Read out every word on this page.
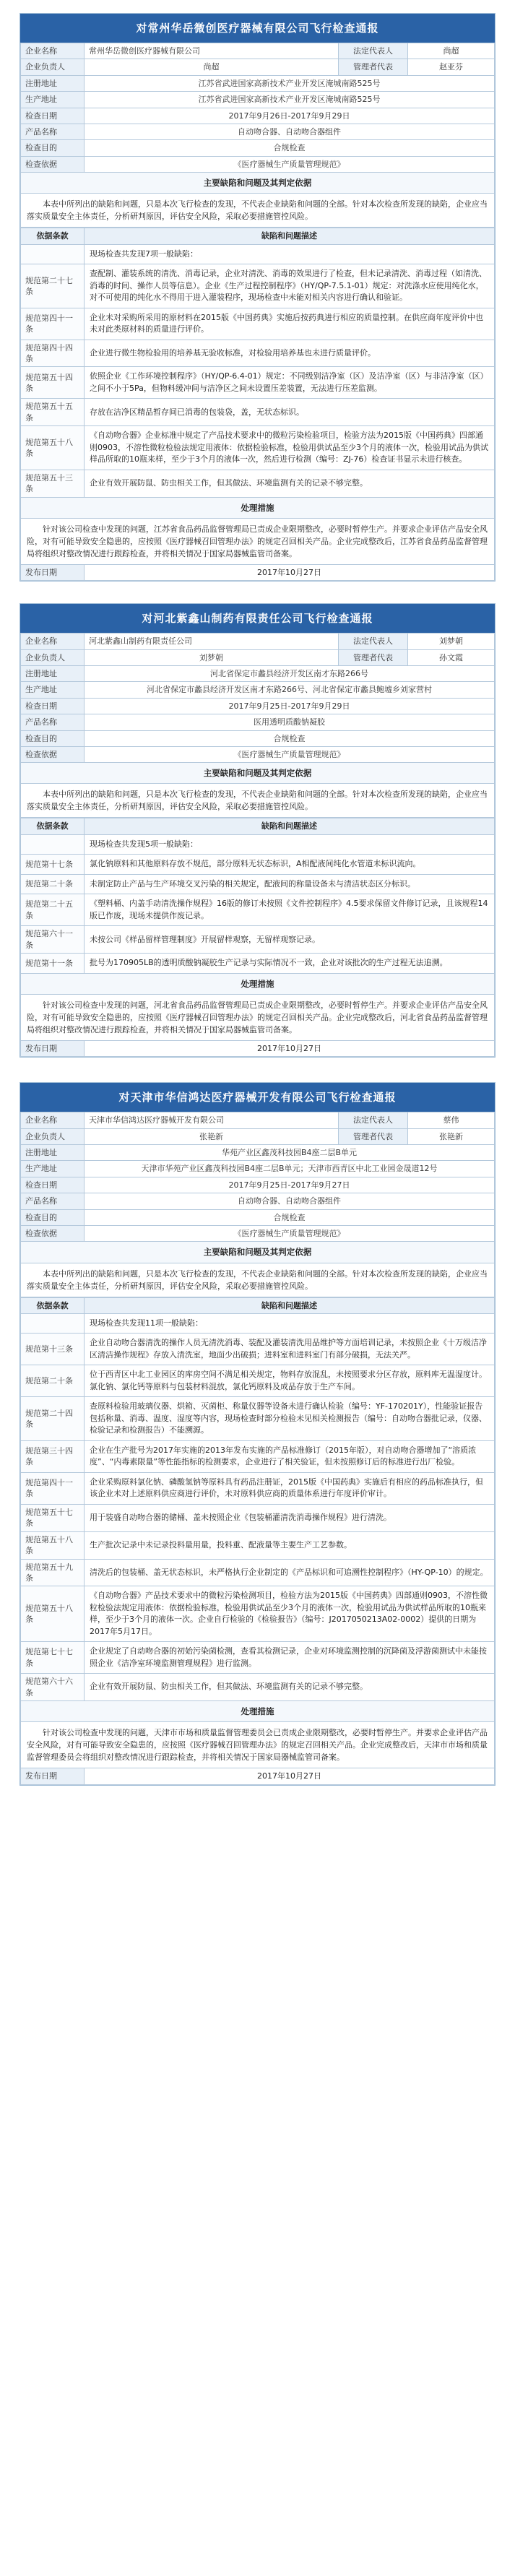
对常州华岳微创医疗器械有限公司飞行检查通报
企业名称	常州华岳微创医疗器械有限公司	法定代表人	尚超
企业负责人	尚超	管理者代表	赵亚芬
注册地址	江苏省武进国家高新技术产业开发区淹城南路525号		
生产地址	江苏省武进国家高新技术产业开发区淹城南路525号		
检查日期	2017年9月26日-2017年9月29日		
产品名称	自动吻合器、自动吻合器组件		
检查目的	合规检查		
检查依据	《医疗器械生产质量管理规范》		
主要缺陷和问题及其判定依据			
本表中所列出的缺陷和问题，只是本次飞行检查的发现，不代表企业缺陷和问题的全部。针对本次检查所发现的缺陷，企业应当落实质量安全主体责任，分析研判原因，评估安全风险，采取必要措施管控风险。			
依据条款	缺陷和问题描述
	现场检查共发现7项一般缺陷：
规范第二十七条	查配制、灌装系统的清洗、消毒记录，企业对清洗、消毒的效果进行了检查，但未记录清洗、消毒过程（如清洗、消毒的时间、操作人员等信息）。企业《生产过程控制程序》（HY/QP-7.5.1-01）规定：对洗涤水应使用纯化水，对不可使用的纯化水不得用于进入灌装程序，现场检查中未能对相关内容进行确认和验证。
规范第四十一条	企业未对采购所采用的原材料在2015版《中国药典》实施后按药典进行相应的质量控制。在供应商年度评价中也未对此类原材料的质量进行评价。
规范第四十四条	企业进行微生物检验用的培养基无验收标准，对检验用培养基也未进行质量评价。
规范第五十四条	依照企业《工作环境控制程序》（HY/QP-6.4-01）规定：不同级别洁净室（区）及洁净室（区）与非洁净室（区）之间不小于5Pa，但物料缓冲间与洁净区之间未设置压差装置，无法进行压差监测。
规范第五十五条	存放在洁净区精品暂存间已消毒的包装袋，盖，无状态标识。
规范第五十八条	《自动吻合器》企业标准中规定了产品技术要求中的微粒污染检验项目，检验方法为2015版《中国药典》四部通则0903，不溶性微粒检验法规定用液体：依据检验标准，检验用供试品至少3个月的液体一次，检验用试品为供试样品所取的10瓶来样，至少于3个月的液体一次，然后进行检测（编号：ZJ-76）检查证书显示未进行核查。
规范第五十三条	企业有效开展防鼠、防虫相关工作，但其做法、环境监测有关的记录不够完整。
处理措施	
针对该公司检查中发现的问题，江苏省食品药品监督管理局已责成企业限期整改，必要时暂停生产。并要求企业评估产品安全风险，对有可能导致安全隐患的，应按照《医疗器械召回管理办法》的规定召回相关产品。企业完成整改后，江苏省食品药品监督管理局将组织对整改情况进行跟踪检查，并将相关情况于国家局器械监管司备案。	
发布日期	2017年10月27日
对河北紫鑫山制药有限责任公司飞行检查通报
企业名称	河北紫鑫山制药有限责任公司	法定代表人	刘梦朝
企业负责人	刘梦朝	管理者代表	孙文霞
注册地址	河北省保定市蠡县经济开发区南才东路266号		
生产地址	河北省保定市蠡县经济开发区南才东路266号、河北省保定市蠡县鲍墟乡刘家营村		
检查日期	2017年9月25日-2017年9月29日		
产品名称	医用透明质酸钠凝胶		
检查目的	合规检查		
检查依据	《医疗器械生产质量管理规范》		
主要缺陷和问题及其判定依据			
本表中所列出的缺陷和问题，只是本次飞行检查的发现，不代表企业缺陷和问题的全部。针对本次检查所发现的缺陷，企业应当落实质量安全主体责任，分析研判原因，评估安全风险，采取必要措施管控风险。			
依据条款	缺陷和问题描述
	现场检查共发现5项一般缺陷：
规范第十七条	氯化钠原料和其他原料存放不规范，部分原料无状态标识，A相配液间纯化水管道未标识流向。
规范第二十条	未制定防止产品与生产环境交叉污染的相关规定，配液间的称量设备未与清洁状态区分标识。
规范第二十五条	《塑料桶、内盖手动清洗操作规程》16版的修订未按照《文件控制程序》4.5要求保留文件修订记录，且该规程14版已作废，现场未提供作废记录。
规范第六十一条	未按公司《样品留样管理制度》开展留样观察，无留样观察记录。
规范第十一条	批号为170905LB的透明质酸钠凝胶生产记录与实际情况不一致，企业对该批次的生产过程无法追溯。
处理措施	
针对该公司检查中发现的问题，河北省食品药品监督管理局已责成企业限期整改，必要时暂停生产。并要求企业评估产品安全风险，对有可能导致安全隐患的，应按照《医疗器械召回管理办法》的规定召回相关产品。企业完成整改后，河北省食品药品监督管理局将组织对整改情况进行跟踪检查，并将相关情况于国家局器械监管司备案。	
发布日期	2017年10月27日
对天津市华信鸿达医疗器械开发有限公司飞行检查通报
企业名称	天津市华信鸿达医疗器械开发有限公司	法定代表人	蔡伟
企业负责人	张艳新	管理者代表	张艳新
注册地址	华苑产业区鑫茂科技园B4座二层B单元		
生产地址	天津市华苑产业区鑫茂科技园B4座二层B单元；天津市西青区中北工业园金晟道12号		
检查日期	2017年9月25日-2017年9月27日		
产品名称	自动吻合器、自动吻合器组件		
检查目的	合规检查		
检查依据	《医疗器械生产质量管理规范》		
主要缺陷和问题及其判定依据			
本表中所列出的缺陷和问题，只是本次飞行检查的发现，不代表企业缺陷和问题的全部。针对本次检查所发现的缺陷，企业应当落实质量安全主体责任，分析研判原因，评估安全风险，采取必要措施管控风险。			
依据条款	缺陷和问题描述
	现场检查共发现11项一般缺陷：
规范第十三条	企业自动吻合器清洗的操作人员无清洗消毒、装配及灌装清洗用品维护等方面培训记录，未按照企业《十万级洁净区清洁操作规程》存放入清洗室，地面少出破损；进料室和进料室门有部分破损，无法关严。
规范第二十条	位于西青区中北工业园区的库房空间不满足相关规定，物料存放混乱，未按照要求分区存放，原料库无温湿度计。氯化钠、氯化钙等原料与包装材料混放，氯化钙原料及成品存放于生产车间。
规范第二十四条	查原料检验用玻璃仪器、烘箱、灭菌柜、称量仪器等设备未进行确认检验（编号：YF-170201Y），性能验证报告包括称量、消毒、温度、湿度等内容，现场检查时部分检验未见相关检测报告（编号：自动吻合器批记录，仪器、检验记录和检测报告）不能溯源。
规范第三十四条	企业在生产批号为2017年实施的2013年发布实施的产品标准修订（2015年版），对自动吻合器增加了“溶质浓度”、“内毒素限量”等性能指标的检测要求，企业进行了相关验证，但未按照修订后的标准进行出厂检验。
规范第四十一条	企业采购原料氯化钠、磷酸氢钠等原料具有药品注册证，2015版《中国药典》实施后有相应的药品标准执行，但该企业未对上述原料供应商进行评价，未对原料供应商的质量体系进行年度评价审计。
规范第五十七条	用于装盛自动吻合器的储桶、盖未按照企业《包装桶灌清洗消毒操作规程》进行清洗。
规范第五十八条	生产批次记录中未记录投料量用量，投料重、配液量等主要生产工艺参数。
规范第五十九条	清洗后的包装桶、盖无状态标识，未严格执行企业制定的《产品标识和可追溯性控制程序》（HY-QP-10）的规定。
规范第五十八条	《自动吻合器》产品技术要求中的微粒污染检测项目，检验方法为2015版《中国药典》四部通则0903，不溶性微粒检验法规定用液体：依据检验标准，检验用供试品至少3个月的液体一次，检验用试品为供试样品所取的10瓶来样，至少于3个月的液体一次。企业自行检验的《检验报告》（编号：J2017050213A02-0002）提供的日期为2017年5月17日。
规范第七十七条	企业规定了自动吻合器的初始污染菌检测，查看其检测记录，企业对环境监测控制的沉降菌及浮游菌测试中未能按照企业《洁净室环境监测管理规程》进行监测。
规范第六十六条	企业有效开展防鼠、防虫相关工作，但其做法、环境监测有关的记录不够完整。
处理措施	
针对该公司检查中发现的问题，天津市市场和质量监督管理委员会已责成企业限期整改，必要时暂停生产。并要求企业评估产品安全风险，对有可能导致安全隐患的，应按照《医疗器械召回管理办法》的规定召回相关产品。企业完成整改后，天津市市场和质量监督管理委员会将组织对整改情况进行跟踪检查，并将相关情况于国家局器械监管司备案。	
发布日期	2017年10月27日
